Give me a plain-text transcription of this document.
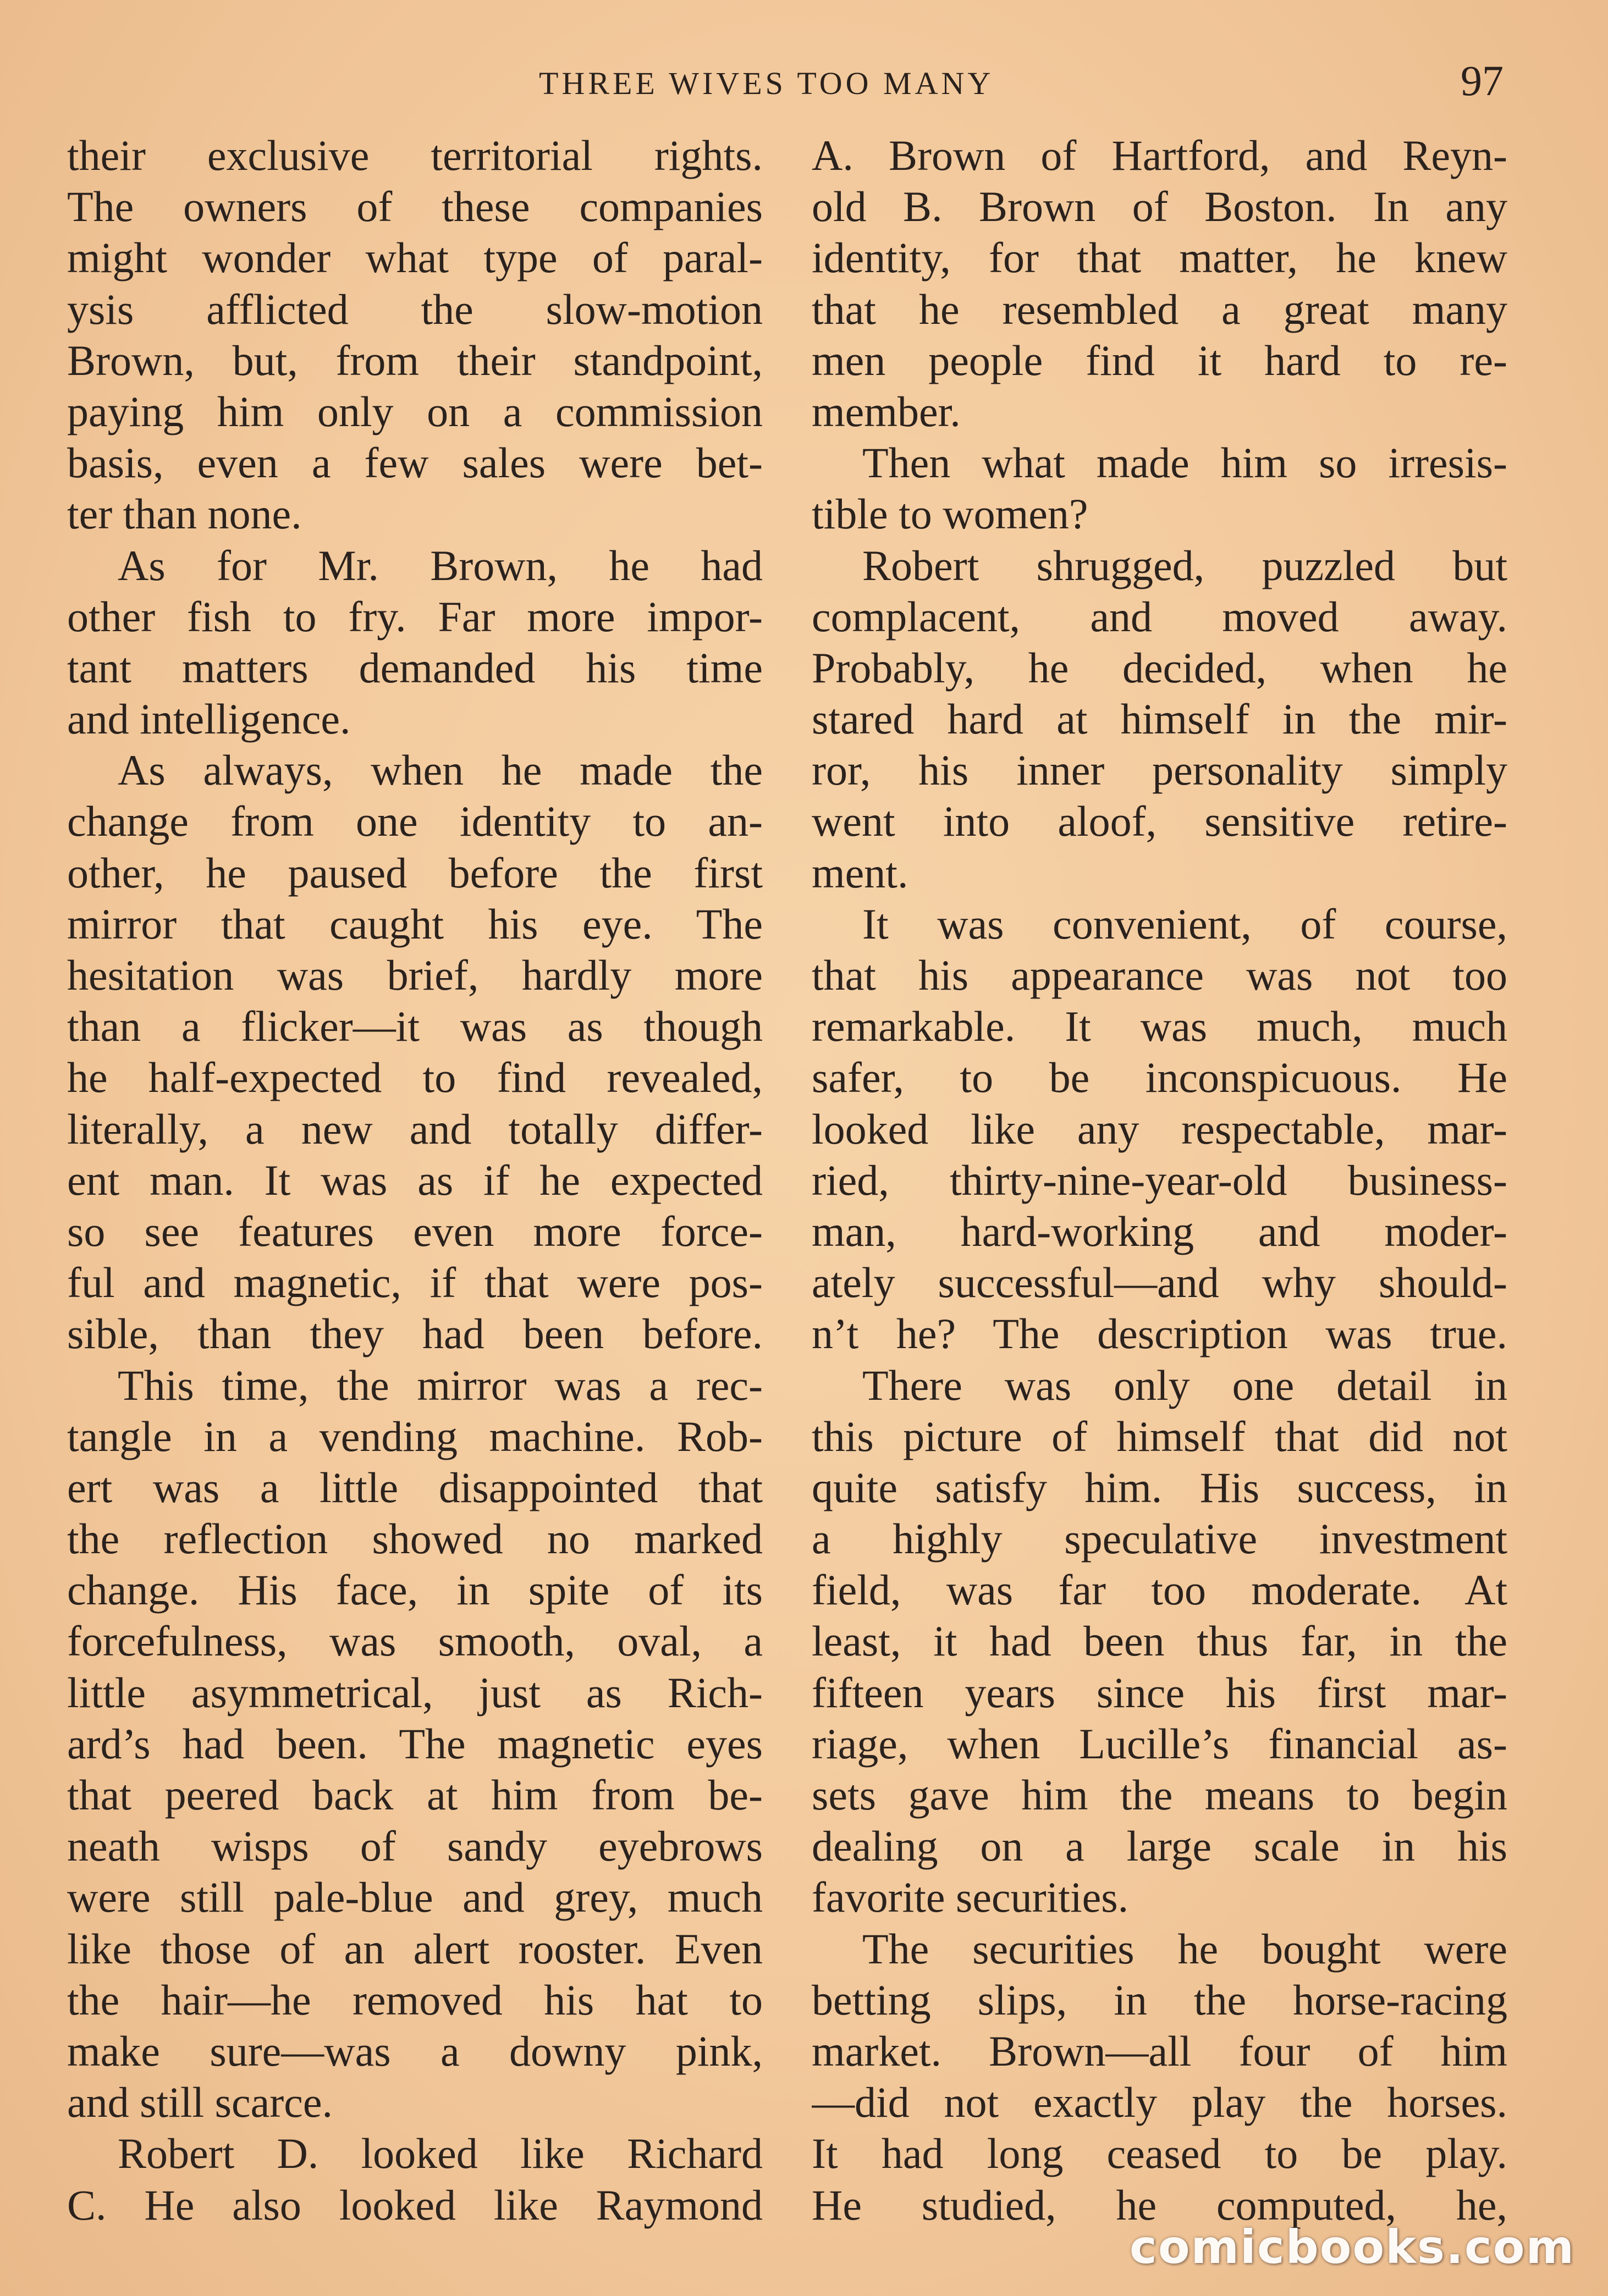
THREE WIVES TOO MANY	97
their exclusive territorial rights.
The owners of these companies
might wonder what type of paral-
ysis afflicted the slow-motion
Brown, but, from their standpoint,
paying him only on a commission
basis, even a few sales were bet-
ter than none.
As for Mr. Brown, he had
other fish to fry. Far more impor-
tant matters demanded his time
and intelligence.
As always, when he made the
change from one identity to an-
other, he paused before the first
mirror that caught his eye. The
hesitation was brief, hardly more
than a flicker—it was as though
he half-expected to find revealed,
literally, a new and totally differ-
ent man. It was as if he expected
so see features even more force-
ful and magnetic, if that were pos-
sible, than they had been before.
This time, the mirror was a rec-
tangle in a vending machine. Rob-
ert was a little disappointed that
the reflection showed no marked
change. His face, in spite of its
forcefulness, was smooth, oval, a
little asymmetrical, just as Rich-
ard’s had been. The magnetic eyes
that peered back at him from be-
neath wisps of sandy eyebrows
were still pale-blue and grey, much
like those of an alert rooster. Even
the hair—he removed his hat to
make sure—was a downy pink,
and still scarce.
Robert D. looked like Richard
C. He also looked like Raymond
A. Brown of Hartford, and Reyn-
old B. Brown of Boston. In any
identity, for that matter, he knew
that he resembled a great many
men people find it hard to re-
member.
Then what made him so irresis-
tible to women?
Robert shrugged, puzzled but
complacent, and moved away.
Probably, he decided, when he
stared hard at himself in the mir-
ror, his inner personality simply
went into aloof, sensitive retire-
ment.
It was convenient, of course,
that his appearance was not too
remarkable. It was much, much
safer, to be inconspicuous. He
looked like any respectable, mar-
ried, thirty-nine-year-old business-
man, hard-working and moder-
ately successful—and why should-
n’t he? The description was true.
There was only one detail in
this picture of himself that did not
quite satisfy him. His success, in
a highly speculative investment
field, was far too moderate. At
least, it had been thus far, in the
fifteen years since his first mar-
riage, when Lucille’s financial as-
sets gave him the means to begin
dealing on a large scale in his
favorite securities.
The securities he bought were
betting slips, in the horse-racing
market. Brown—all four of him
—did not exactly play the horses.
It had long ceased to be play.
He studied, he computed, he,
comicbooks.com
